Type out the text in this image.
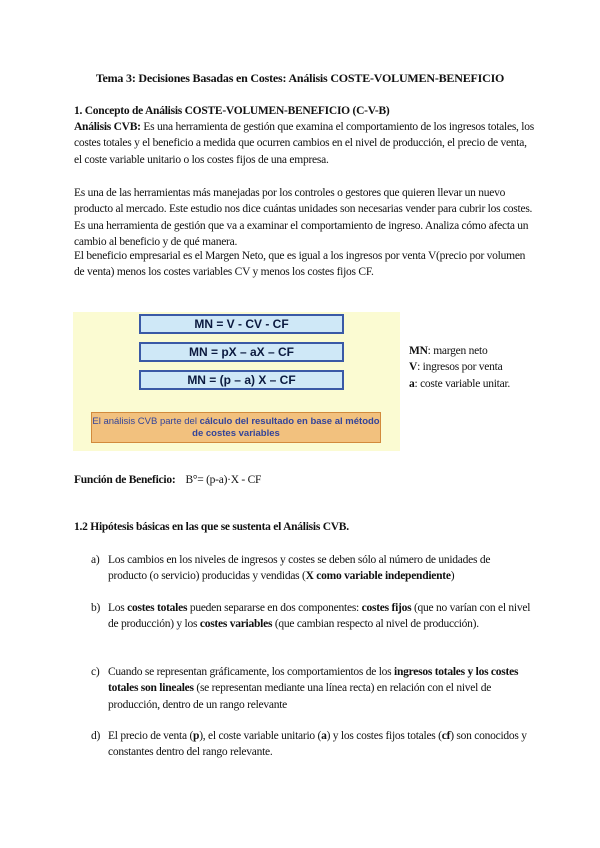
Tema 3: Decisiones Basadas en Costes: Análisis COSTE-VOLUMEN-BENEFICIO

1. Concepto de Análisis COSTE-VOLUMEN-BENEFICIO (C-V-B)

Análisis CVB: Es una herramienta de gestión que examina el comportamiento de los ingresos totales, los costes totales y el beneficio a medida que ocurren cambios en el nivel de producción, el precio de venta, el coste variable unitario o los costes fijos de una empresa.

Es una de las herramientas más manejadas por los controles o gestores que quieren llevar un nuevo producto al mercado. Este estudio nos dice cuántas unidades son necesarias vender para cubrir los costes. Es una herramienta de gestión que va a examinar el comportamiento de ingreso. Analiza cómo afecta un cambio al beneficio y de qué manera.

El beneficio empresarial es el Margen Neto, que es igual a los ingresos por venta V(precio por volumen de venta) menos los costes variables CV y menos los costes fijos CF.

MN = V - CV - CF
MN = pX – aX – CF
MN = (p – a) X – CF
El análisis CVB parte del cálculo del resultado en base al método de costes variables
MN: margen neto
V: ingresos por venta
a: coste variable unitar.

Función de Beneficio: B°= (p-a)·X - CF

1.2 Hipótesis básicas en las que se sustenta el Análisis CVB.

a) Los cambios en los niveles de ingresos y costes se deben sólo al número de unidades de producto (o servicio) producidas y vendidas (X como variable independiente)
b) Los costes totales pueden separarse en dos componentes: costes fijos (que no varían con el nivel de producción) y los costes variables (que cambian respecto al nivel de producción).
c) Cuando se representan gráficamente, los comportamientos de los ingresos totales y los costes totales son lineales (se representan mediante una línea recta) en relación con el nivel de producción, dentro de un rango relevante
d) El precio de venta (p), el coste variable unitario (a) y los costes fijos totales (cf) son conocidos y constantes dentro del rango relevante.
